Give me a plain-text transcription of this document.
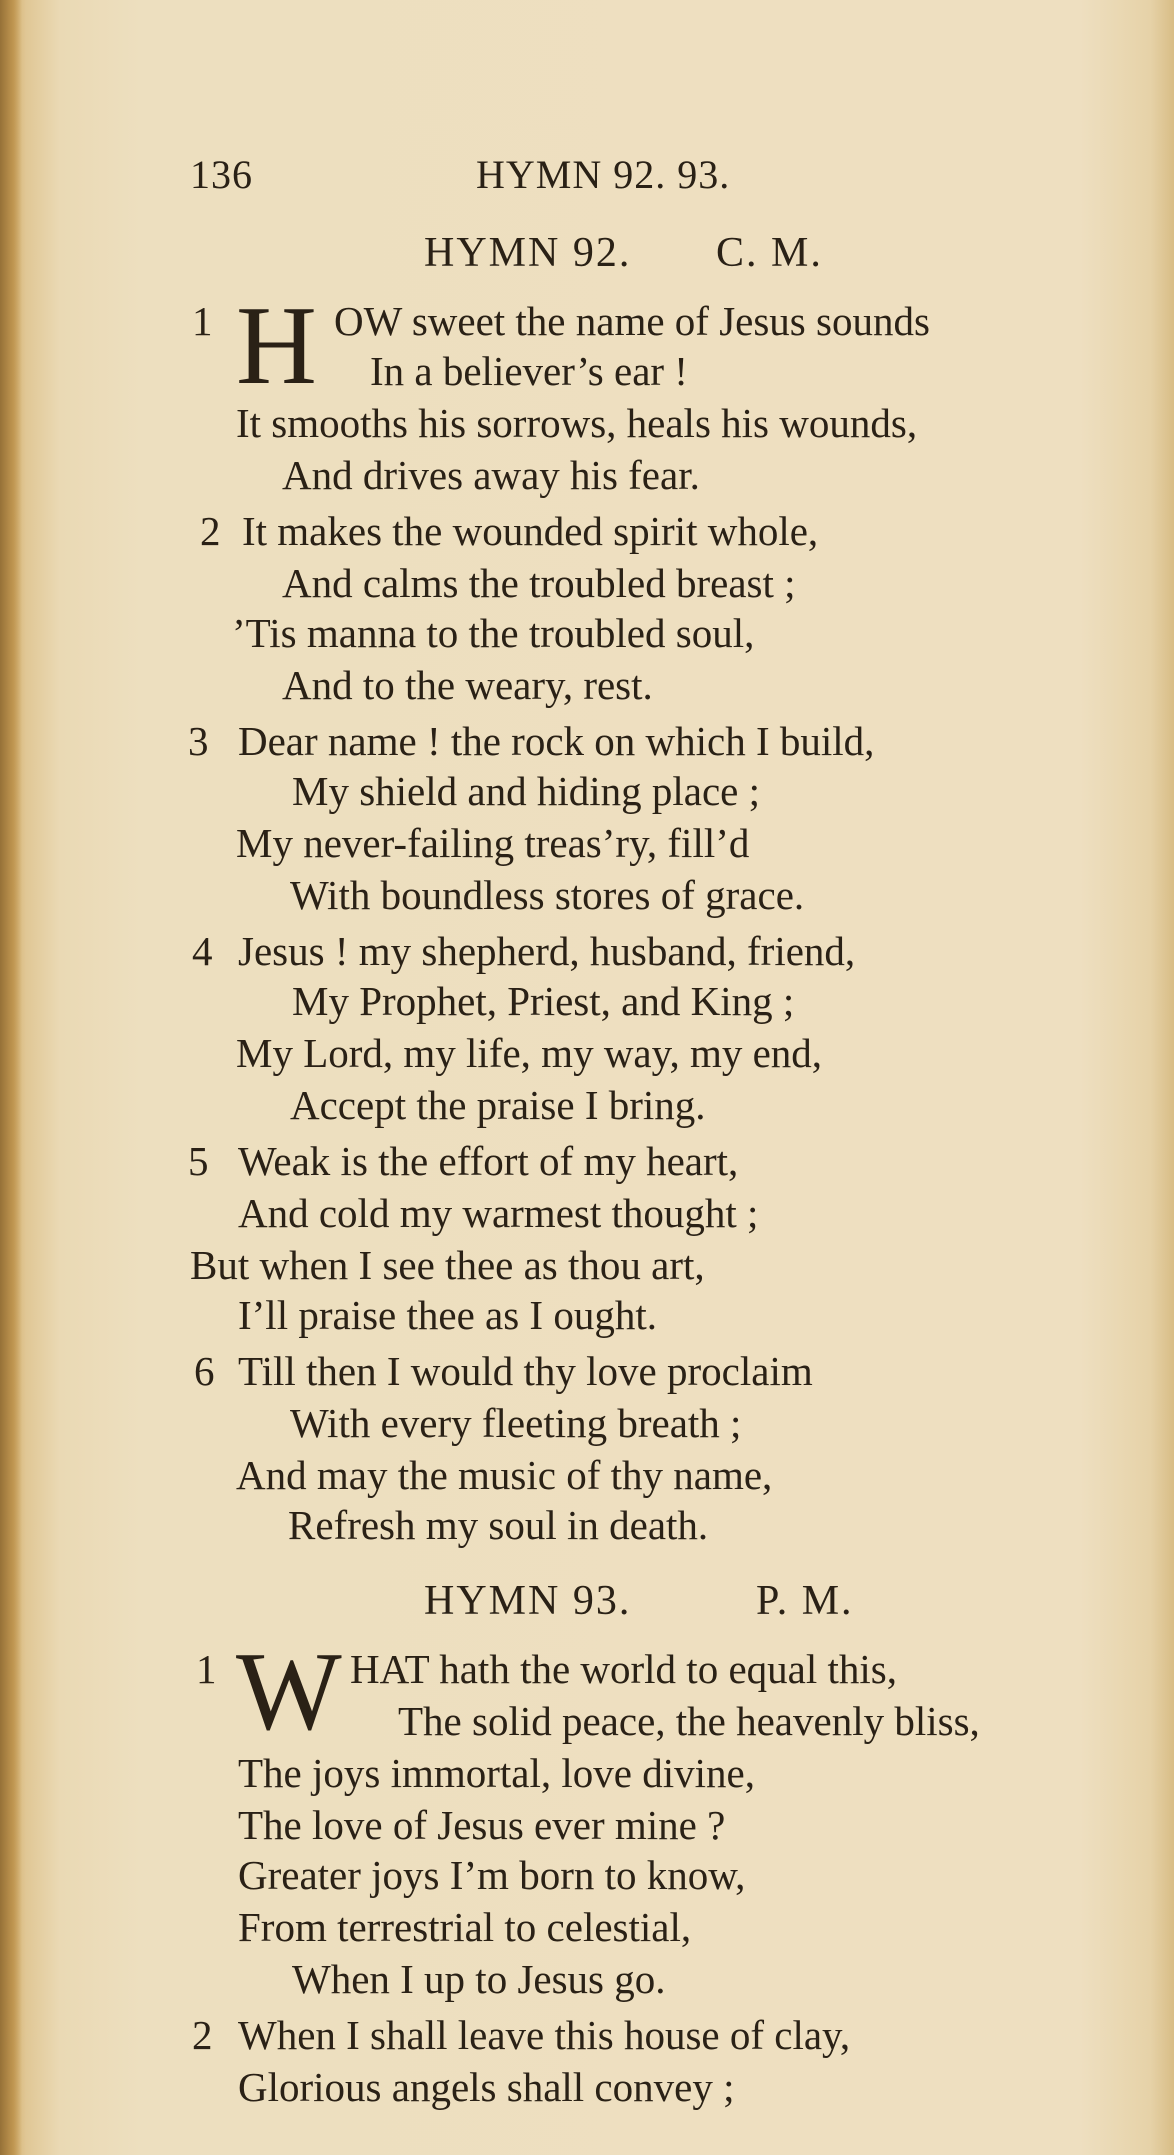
136	HYMN 92. 93.
HYMN 92. C. M.
1 H OW sweet the name of Jesus sounds
In a believer’s ear !
It smooths his sorrows, heals his wounds,
And drives away his fear.
2 It makes the wounded spirit whole,
And calms the troubled breast ;
’Tis manna to the troubled soul,
And to the weary, rest.
3 Dear name ! the rock on which I build,
My shield and hiding place ;
My never-failing treas’ry, fill’d
With boundless stores of grace.
4 Jesus ! my shepherd, husband, friend,
My Prophet, Priest, and King ;
My Lord, my life, my way, my end,
Accept the praise I bring.
5 Weak is the effort of my heart,
And cold my warmest thought ;
But when I see thee as thou art,
I’ll praise thee as I ought.
6 Till then I would thy love proclaim
With every fleeting breath ;
And may the music of thy name,
Refresh my soul in death.
HYMN 93.	P. M.
1 W HAT hath the world to equal this,
The solid peace, the heavenly bliss,
The joys immortal, love divine,
The love of Jesus ever mine ?
Greater joys I’m born to know,
From terrestrial to celestial,
When I up to Jesus go.
2 When I shall leave this house of clay,
Glorious angels shall convey ;
